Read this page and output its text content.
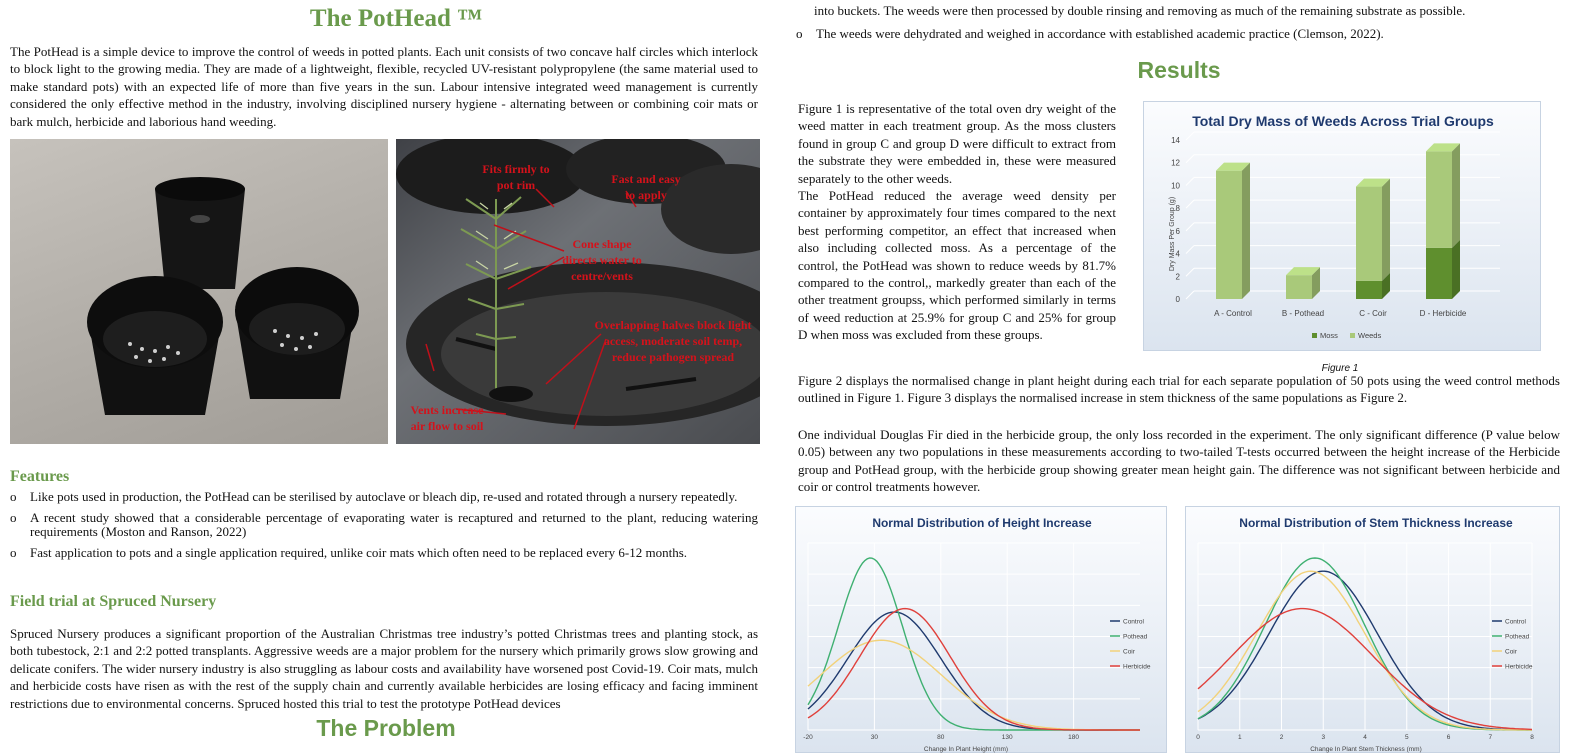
The PotHead ™

The PotHead is a simple device to improve the control of weeds in potted plants. Each unit consists of two concave half circles which interlock to block light to the growing media. They are made of a lightweight, flexible, recycled UV-resistant polypropylene (the same material used to make standard pots) with an expected life of more than five years in the sun. Labour intensive integrated weed management is currently considered the only effective method in the industry, involving disciplined nursery hygiene - alternating between or combining coir mats or bark mulch, herbicide and laborious hand weeding.

Fits firmly to pot rim	Fast and easy to apply
Cone shape directs water to centre/vents
Overlapping halves block light access, moderate soil temp, reduce pathogen spread
Vents increase air flow to soil
Features
o Like pots used in production, the PotHead can be sterilised by autoclave or bleach dip, re-used and rotated through a nursery repeatedly.
o A recent study showed that a considerable percentage of evaporating water is recaptured and returned to the plant, reducing watering requirements (Moston and Ranson, 2022)
o Fast application to pots and a single application required, unlike coir mats which often need to be replaced every 6-12 months.
Field trial at Spruced Nursery

Spruced Nursery produces a significant proportion of the Australian Christmas tree industry’s potted Christmas trees and planting stock, as both tubestock, 2:1 and 2:2 potted transplants. Aggressive weeds are a major problem for the nursery which primarily grows slow growing and delicate conifers. The wider nursery industry is also struggling as labour costs and availability have worsened post Covid-19. Coir mats, mulch and herbicide costs have risen as with the rest of the supply chain and currently available herbicides are losing efficacy and facing imminent restrictions due to environmental concerns. Spruced hosted this trial to test the prototype PotHead devices

The Problem

into buckets. The weeds were then processed by double rinsing and removing as much of the remaining substrate as possible.

o The weeds were dehydrated and weighed in accordance with established academic practice (Clemson, 2022).
Results

Figure 1 is representative of the total oven dry weight of the weed matter in each treatment group. As the moss clusters found in group C and group D were difficult to extract from the substrate they were embedded in, these were measured separately to the other weeds.

The PotHead reduced the average weed density per container by approximately four times compared to the next best performing competitor, an effect that increased when also including collected moss. As a percentage of the control, the PotHead was shown to reduce weeds by 81.7% compared to the control,, markedly greater than each of the other treatment groupss, which performed similarly in terms of weed reduction at 25.9% for group C and 25% for group D when moss was excluded from these groups.

Total Dry Mass of Weeds Across Trial Groups
Dry Mass Per Group (g)
0
2
4
6
8
10
12
14
A - Control	B - Pothead	C - Coir	D - Herbicide
Moss	Weeds
Figure 1

Figure 2 displays the normalised change in plant height during each trial for each separate population of 50 pots using the weed control methods outlined in Figure 1. Figure 3 displays the normalised increase in stem thickness of the same populations as Figure 2.

One individual Douglas Fir died in the herbicide group, the only loss recorded in the experiment. The only significant difference (P value below 0.05) between any two populations in these measurements according to two-tailed T-tests occurred between the height increase of the Herbicide group and PotHead group, with the herbicide group showing greater mean height gain. The difference was not significant between herbicide and coir or control treatments however.

Normal Distribution of Height Increase
-20	30	80	130	180
Control
Pothead
Coir
Herbicide
Change In Plant Height (mm)
Normal Distribution of Stem Thickness Increase
0	1	2	3	4	5	6	7	8
Control
Pothead
Coir
Herbicide
Change In Plant Stem Thickness (mm)
